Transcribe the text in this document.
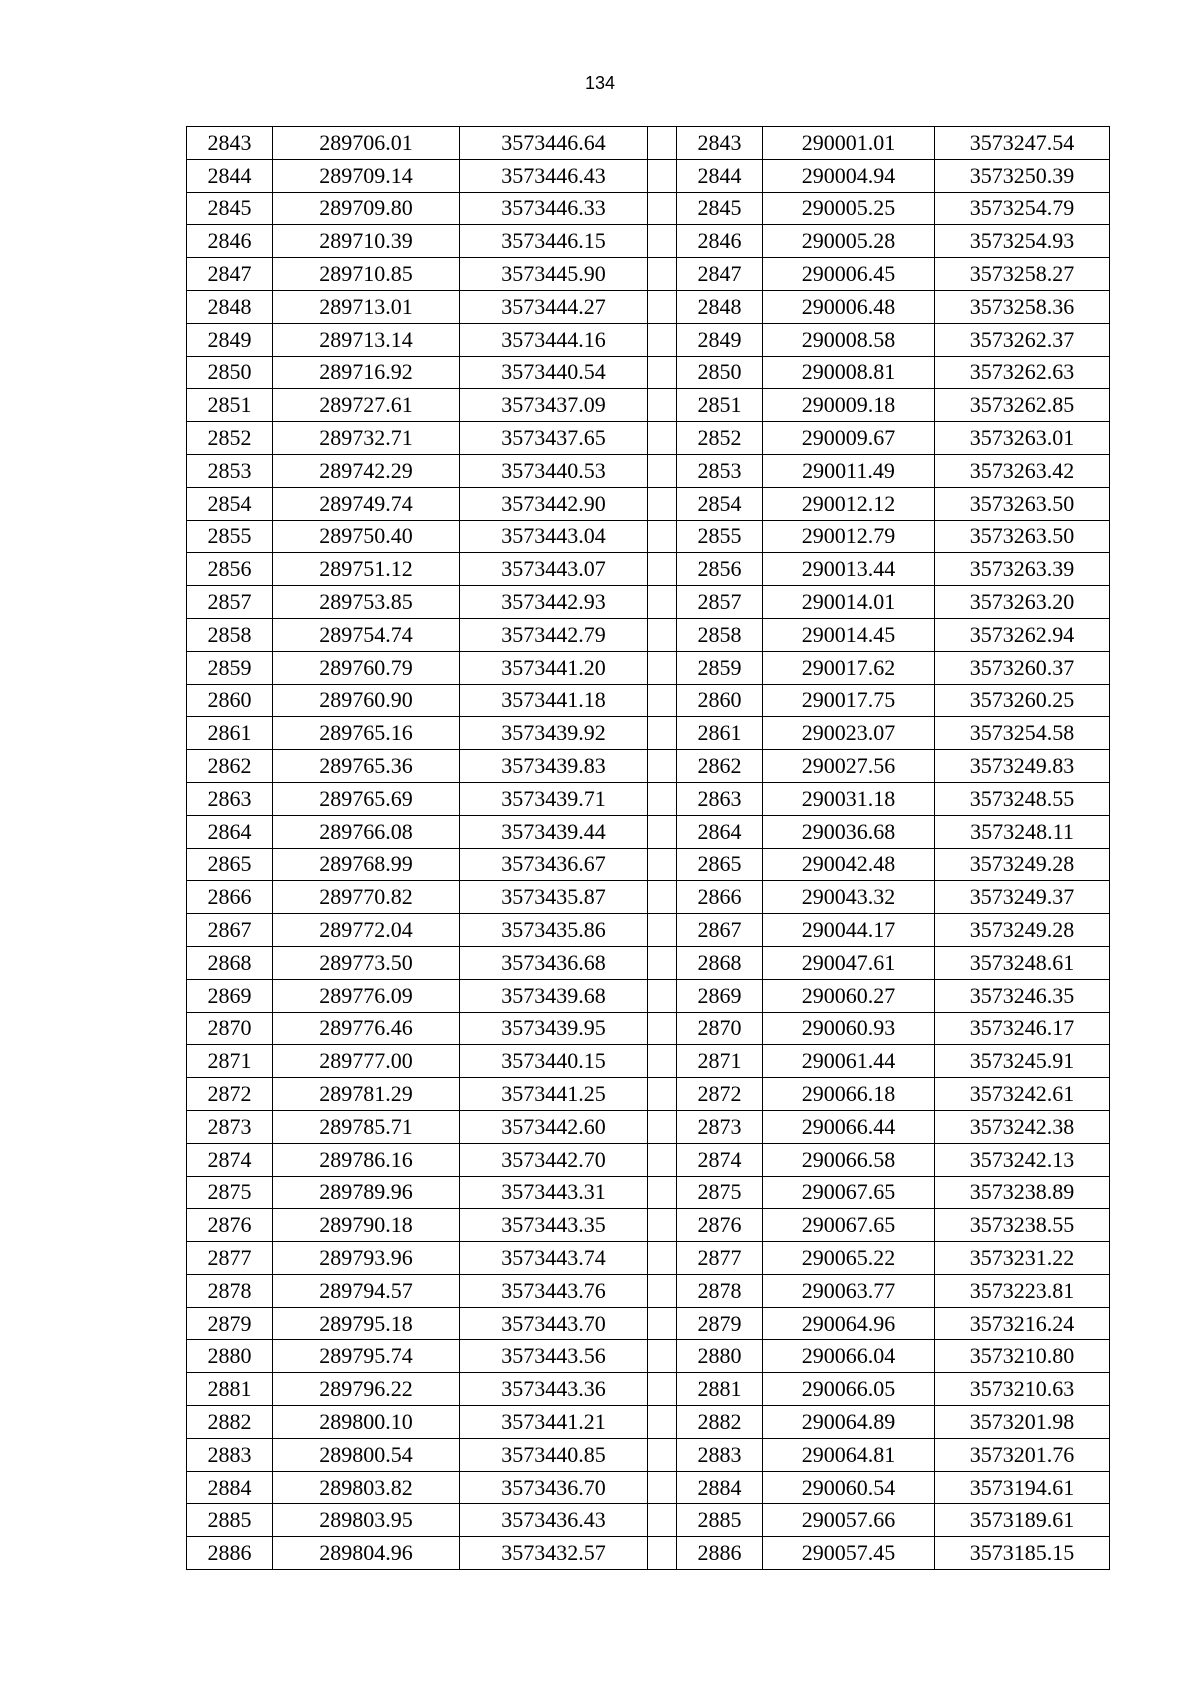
134
2843	289706.01	3573446.64		2843	290001.01	3573247.54
2844	289709.14	3573446.43		2844	290004.94	3573250.39
2845	289709.80	3573446.33		2845	290005.25	3573254.79
2846	289710.39	3573446.15		2846	290005.28	3573254.93
2847	289710.85	3573445.90		2847	290006.45	3573258.27
2848	289713.01	3573444.27		2848	290006.48	3573258.36
2849	289713.14	3573444.16		2849	290008.58	3573262.37
2850	289716.92	3573440.54		2850	290008.81	3573262.63
2851	289727.61	3573437.09		2851	290009.18	3573262.85
2852	289732.71	3573437.65		2852	290009.67	3573263.01
2853	289742.29	3573440.53		2853	290011.49	3573263.42
2854	289749.74	3573442.90		2854	290012.12	3573263.50
2855	289750.40	3573443.04		2855	290012.79	3573263.50
2856	289751.12	3573443.07		2856	290013.44	3573263.39
2857	289753.85	3573442.93		2857	290014.01	3573263.20
2858	289754.74	3573442.79		2858	290014.45	3573262.94
2859	289760.79	3573441.20		2859	290017.62	3573260.37
2860	289760.90	3573441.18		2860	290017.75	3573260.25
2861	289765.16	3573439.92		2861	290023.07	3573254.58
2862	289765.36	3573439.83		2862	290027.56	3573249.83
2863	289765.69	3573439.71		2863	290031.18	3573248.55
2864	289766.08	3573439.44		2864	290036.68	3573248.11
2865	289768.99	3573436.67		2865	290042.48	3573249.28
2866	289770.82	3573435.87		2866	290043.32	3573249.37
2867	289772.04	3573435.86		2867	290044.17	3573249.28
2868	289773.50	3573436.68		2868	290047.61	3573248.61
2869	289776.09	3573439.68		2869	290060.27	3573246.35
2870	289776.46	3573439.95		2870	290060.93	3573246.17
2871	289777.00	3573440.15		2871	290061.44	3573245.91
2872	289781.29	3573441.25		2872	290066.18	3573242.61
2873	289785.71	3573442.60		2873	290066.44	3573242.38
2874	289786.16	3573442.70		2874	290066.58	3573242.13
2875	289789.96	3573443.31		2875	290067.65	3573238.89
2876	289790.18	3573443.35		2876	290067.65	3573238.55
2877	289793.96	3573443.74		2877	290065.22	3573231.22
2878	289794.57	3573443.76		2878	290063.77	3573223.81
2879	289795.18	3573443.70		2879	290064.96	3573216.24
2880	289795.74	3573443.56		2880	290066.04	3573210.80
2881	289796.22	3573443.36		2881	290066.05	3573210.63
2882	289800.10	3573441.21		2882	290064.89	3573201.98
2883	289800.54	3573440.85		2883	290064.81	3573201.76
2884	289803.82	3573436.70		2884	290060.54	3573194.61
2885	289803.95	3573436.43		2885	290057.66	3573189.61
2886	289804.96	3573432.57		2886	290057.45	3573185.15
